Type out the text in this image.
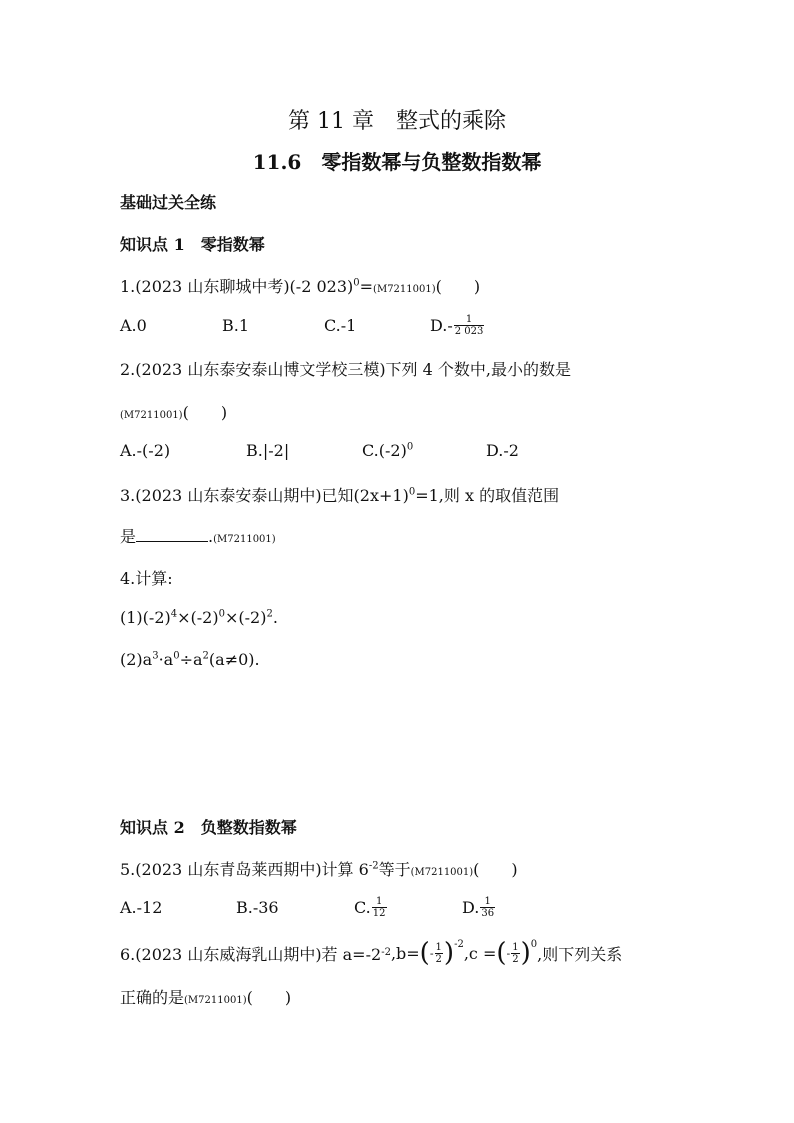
第 11 章　整式的乘除
11.6　零指数幂与负整数指数幂
基础过关全练
知识点 1　零指数幂
1.(2023 山东聊城中考)(-2 023)$^0$=(M7211001)(　　)
A.0	B.1	C.-1	$D.- \frac{1}{2 023}$
2.(2023 山东泰安泰山博文学校三模)下列 4 个数中,最小的数是
(M7211001)(　　)
A.-(-2)	B.|-2|	$C.(-2)^0$	D.-2
3.(2023 山东泰安泰山期中)已知$(2x+1)^0=1$,则 x 的取值范围
是	.(M7211001)
4.计算:
$(1)(-2)^4\times(-2)^0\times(-2)^2$.
$(2)a^3\cdot a^0\div a^2(a\ne 0)$.
知识点 2　负整数指数幂
5.(2023 山东青岛莱西期中)计算 $6^{-2}$等于(M7211001)(　　)
A.-12	B.-36	C. $\frac{1}{12}$	D. $\frac{1}{36}$
6.(2023 山东威海乳山期中)若 a=-2 -2 ,b= ( - $\frac{1}{2} )^{-2}$ ,c = ( - $\frac{1}{2} )^0$ ,则下列关系
正确的是(M7211001)(　　)
